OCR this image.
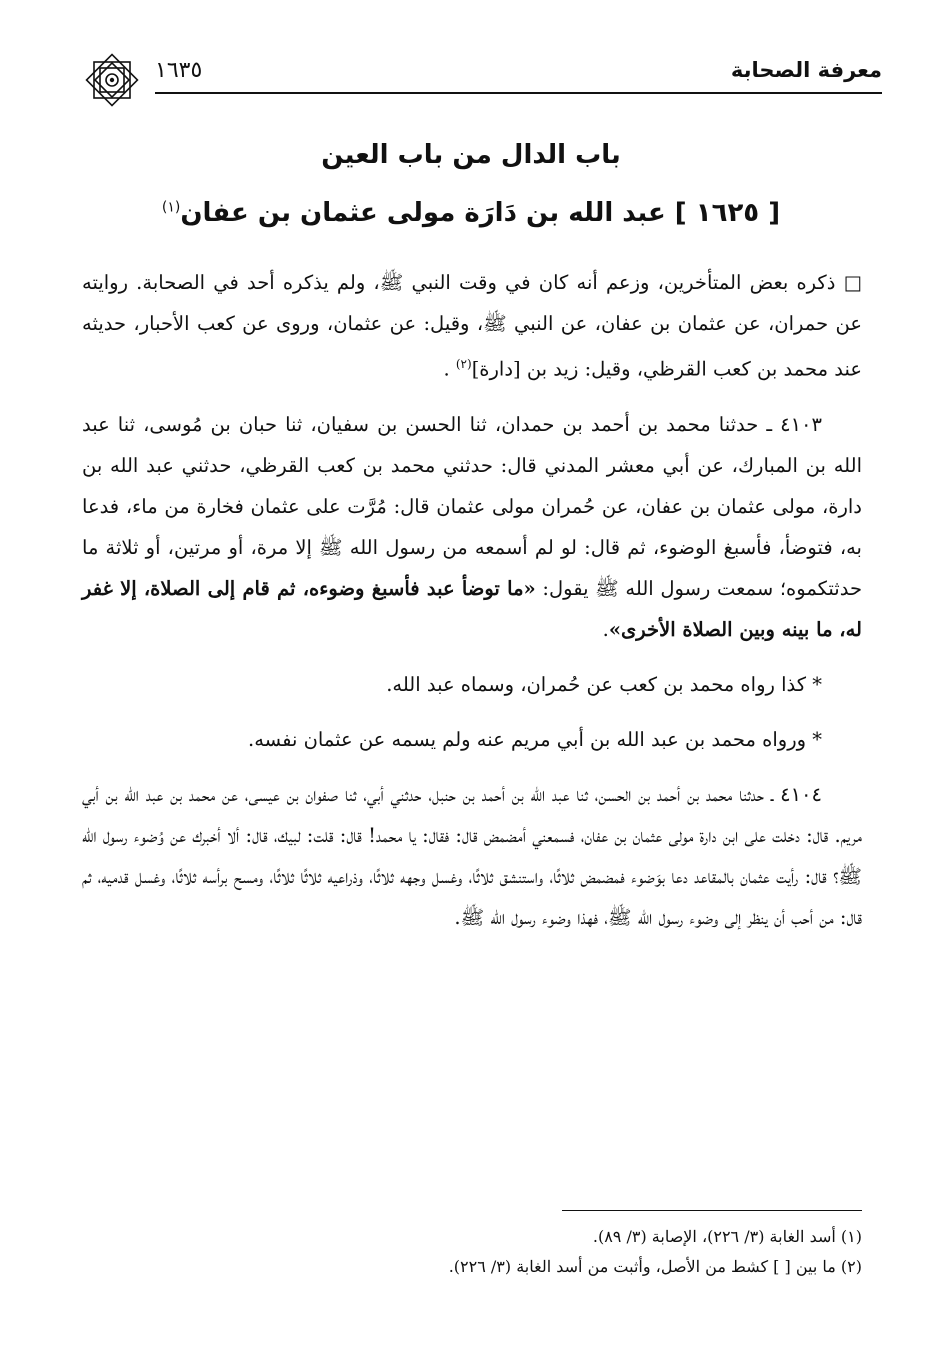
معرفة الصحابة
١٦٣٥
باب الدال من باب العين
[ ١٦٢٥ ] عبد الله بن دَارَة مولى عثمان بن عفان$^{(١)}$

□ ذكره بعض المتأخرين، وزعم أنه كان في وقت النبي ﷺ، ولم يذكره أحد في الصحابة. روايته عن حمران، عن عثمان بن عفان، عن النبي ﷺ، وقيل: عن عثمان، وروى عن كعب الأحبار، حديثه عند محمد بن كعب القرظي، وقيل: زيد بن [دارة]$^{(٢)}$ .

٤١٠٣ ـ حدثنا محمد بن أحمد بن حمدان، ثنا الحسن بن سفيان، ثنا حبان بن مُوسى، ثنا عبد الله بن المبارك، عن أبي معشر المدني قال: حدثني محمد بن كعب القرظي، حدثني عبد الله بن دارة، مولى عثمان بن عفان، عن حُمران مولى عثمان قال: مُرَّت على عثمان فخارة من ماء، فدعا به، فتوضأ، فأسبغ الوضوء، ثم قال: لو لم أسمعه من رسول الله ﷺ إلا مرة، أو مرتين، أو ثلاثة ما حدثتكموه؛ سمعت رسول الله ﷺ يقول: «ما توضأ عبد فأسبغ وضوءه، ثم قام إلى الصلاة، إلا غفر له، ما بينه وبين الصلاة الأخرى».

* كذا رواه محمد بن كعب عن حُمران، وسماه عبد الله.

* ورواه محمد بن عبد الله بن أبي مريم عنه ولم يسمه عن عثمان نفسه.

٤١٠٤ ـ حدثنا محمد بن أحمد بن الحسن، ثنا عبد الله بن أحمد بن حنبل، حدثني أبي، ثنا صفوان بن عيسى، عن محمد بن عبد الله بن أبي مريم. قال: دخلت على ابن دارة مولى عثمان بن عفان، فسمعني أمضمض قال: فقال: يا محمد! قال: قلت: لبيك، قال: ألا أخبرك عن وُضوء رسول الله ﷺ؟ قال: رأيت عثمان بالمقاعد دعا بوَضوء فمضمض ثلاثًا، واستنشق ثلاثًا، وغسل وجهه ثلاثًا، وذراعيه ثلاثًا ثلاثًا، ومسح برأسه ثلاثًا، وغسل قدميه، ثم قال: من أحب أن ينظر إلى وضوء رسول الله ﷺ، فهذا وضوء رسول الله ﷺ.

(١) أسد الغابة (٣/ ٢٢٦)، الإصابة (٣/ ٨٩).
(٢) ما بين [ ] كشط من الأصل، وأثبت من أسد الغابة (٣/ ٢٢٦).
